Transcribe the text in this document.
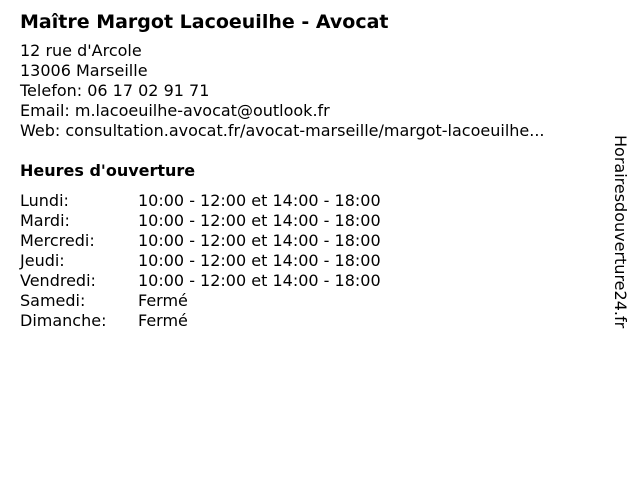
Maître Margot Lacoeuilhe - Avocat
12 rue d'Arcole
13006 Marseille
Telefon: 06 17 02 91 71
Email: m.lacoeuilhe-avocat@outlook.fr
Web: consultation.avocat.fr/avocat-marseille/margot-lacoeuilhe...
Heures d'ouverture
Lundi:	10:00 - 12:00 et 14:00 - 18:00
Mardi:	10:00 - 12:00 et 14:00 - 18:00
Mercredi:	10:00 - 12:00 et 14:00 - 18:00
Jeudi:	10:00 - 12:00 et 14:00 - 18:00
Vendredi:	10:00 - 12:00 et 14:00 - 18:00
Samedi:	Fermé
Dimanche:	Fermé	Horairesdouverture24.fr
